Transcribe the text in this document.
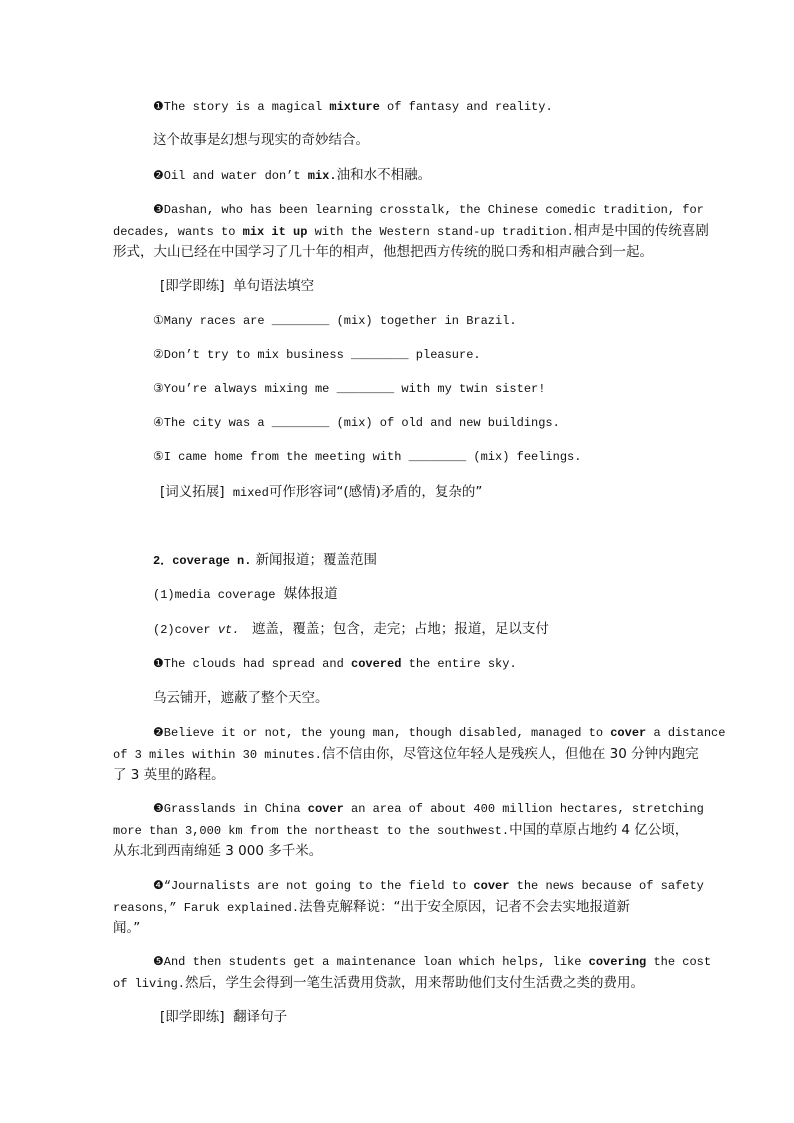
❶The story is a magical mixture of fantasy and reality.
这个故事是幻想与现实的奇妙结合。
❷Oil and water don’t mix.油和水不相融。
❸Dashan, who has been learning crosstalk, the Chinese comedic tradition, for
decades, wants to mix it up with the Western stand-up tradition.相声是中国的传统喜剧
形式，大山已经在中国学习了几十年的相声，他想把西方传统的脱口秀和相声融合到一起。
[即学即练] 单句语法填空
①Many races are ________ (mix) together in Brazil.
②Don’t try to mix business ________ pleasure.
③You’re always mixing me ________ with my twin sister!
④The city was a ________ (mix) of old and new buildings.
⑤I came home from the meeting with ________ (mix) feelings.
[词义拓展] mixed可作形容词“(感情)矛盾的，复杂的”
2．coverage n. 新闻报道；覆盖范围
(1)media coverage 媒体报道
(2)cover vt. 遮盖，覆盖；包含，走完；占地；报道，足以支付
❶The clouds had spread and covered the entire sky.
乌云铺开，遮蔽了整个天空。
❷Believe it or not, the young man, though disabled, managed to cover a distance
of 3 miles within 30 minutes.信不信由你，尽管这位年轻人是残疾人，但他在 30 分钟内跑完
了 3 英里的路程。
❸Grasslands in China cover an area of about 400 million hectares, stretching
more than 3,000 km from the northeast to the southwest.中国的草原占地约 4 亿公顷，
从东北到西南绵延 3 000 多千米。
❹“Journalists are not going to the field to cover the news because of safety
reasons，” Faruk explained.法鲁克解释说：“出于安全原因，记者不会去实地报道新
闻。”
❺And then students get a maintenance loan which helps, like covering the cost
of living.然后，学生会得到一笔生活费用贷款，用来帮助他们支付生活费之类的费用。
[即学即练] 翻译句子
